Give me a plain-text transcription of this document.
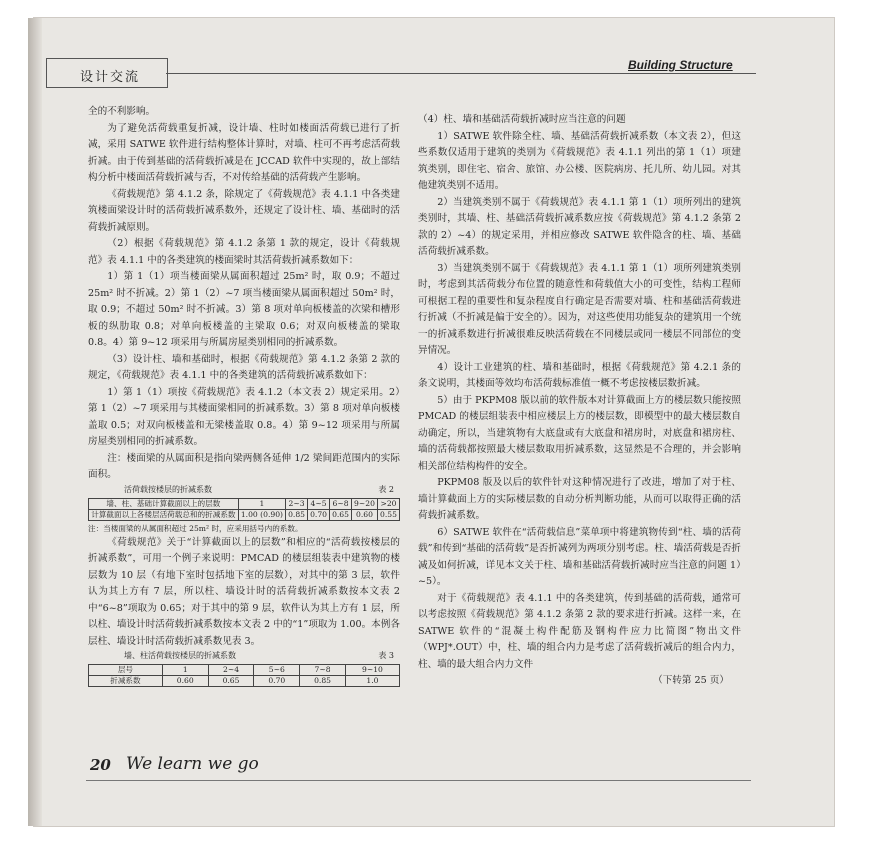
设计交流
Building Structure

全的不利影响。

为了避免活荷载重复折减，设计墙、柱时如楼面活荷载已进行了折减，采用 SATWE 软件进行结构整体计算时，对墙、柱可不再考虑活荷载折减。由于传到基础的活荷载折减是在 JCCAD 软件中实现的，故上部结构分析中楼面活荷载折减与否，不对传给基础的活荷载产生影响。

《荷载规范》第 4.1.2 条，除规定了《荷载规范》表 4.1.1 中各类建筑楼面梁设计时的活荷载折减系数外，还规定了设计柱、墙、基础时的活荷载折减原则。

（2）根据《荷载规范》第 4.1.2 条第 1 款的规定，设计《荷载规范》表 4.1.1 中的各类建筑的楼面梁时其活荷载折减系数如下：

1）第 1（1）项当楼面梁从属面积超过 25m² 时，取 0.9；不超过 25m² 时不折减。2）第 1（2）~7 项当楼面梁从属面积超过 50m² 时，取 0.9；不超过 50m² 时不折减。3）第 8 项对单向板楼盖的次梁和槽形板的纵肋取 0.8；对单向板楼盖的主梁取 0.6；对双向板楼盖的梁取 0.8。4）第 9~12 项采用与所属房屋类别相同的折减系数。

（3）设计柱、墙和基础时，根据《荷载规范》第 4.1.2 条第 2 款的规定，《荷载规范》表 4.1.1 中的各类建筑的活荷载折减系数如下：

1）第 1（1）项按《荷载规范》表 4.1.2（本文表 2）规定采用。2）第 1（2）~7 项采用与其楼面梁相同的折减系数。3）第 8 项对单向板楼盖取 0.5；对双向板楼盖和无梁楼盖取 0.8。4）第 9~12 项采用与所属房屋类别相同的折减系数。

注：楼面梁的从属面积是指向梁两侧各延伸 1/2 梁间距范围内的实际面积。

活荷载按楼层的折减系数	表 2
墙、柱、基础计算截面以上的层数	1	2~3	4~5	6~8	9~20	>20
计算截面以上各楼层活荷载总和的折减系数	1.00 (0.90)	0.85	0.70	0.65	0.60	0.55
注：当楼面梁的从属面积超过 25m² 时，应采用括号内的系数。

《荷载规范》关于“计算截面以上的层数”和相应的“活荷载按楼层的折减系数”，可用一个例子来说明：PMCAD 的楼层组装表中建筑物的楼层数为 10 层（有地下室时包括地下室的层数），对其中的第 3 层，软件认为其上方有 7 层，所以柱、墙设计时的活荷载折减系数按本文表 2 中“6~8”项取为 0.65；对于其中的第 9 层，软件认为其上方有 1 层，所以柱、墙设计时活荷载折减系数按本文表 2 中的“1”项取为 1.00。本例各层柱、墙设计时活荷载折减系数见表 3。

墙、柱活荷载按楼层的折减系数	表 3
层号	1	2~4	5~6	7~8	9~10
折减系数	0.60	0.65	0.70	0.85	1.0

（4）柱、墙和基础活荷载折减时应当注意的问题

1）SATWE 软件除全柱、墙、基础活荷载折减系数（本文表 2），但这些系数仅适用于建筑的类别为《荷载规范》表 4.1.1 列出的第 1（1）项建筑类别，即住宅、宿舍、旅馆、办公楼、医院病房、托儿所、幼儿园。对其他建筑类别不适用。

2）当建筑类别不属于《荷载规范》表 4.1.1 第 1（1）项所列出的建筑类别时，其墙、柱、基础活荷载折减系数应按《荷载规范》第 4.1.2 条第 2 款的 2）~4）的规定采用，并相应修改 SATWE 软件隐含的柱、墙、基础活荷载折减系数。

3）当建筑类别不属于《荷载规范》表 4.1.1 第 1（1）项所列建筑类别时，考虑到其活荷载分布位置的随意性和荷载值大小的可变性，结构工程师可根据工程的重要性和复杂程度自行确定是否需要对墙、柱和基础活荷载进行折减（不折减是偏于安全的）。因为，对这些使用功能复杂的建筑用一个统一的折减系数进行折减很难反映活荷载在不同楼层或同一楼层不同部位的变异情况。

4）设计工业建筑的柱、墙和基础时，根据《荷载规范》第 4.2.1 条的条文说明，其楼面等效均布活荷载标准值一概不考虑按楼层数折减。

5）由于 PKPM08 版以前的软件版本对计算截面上方的楼层数只能按照 PMCAD 的楼层组装表中相应楼层上方的楼层数，即模型中的最大楼层数自动确定，所以，当建筑物有大底盘或有大底盘和裙房时，对底盘和裙房柱、墙的活荷载都按照最大楼层数取用折减系数，这显然是不合理的，并会影响相关部位结构构件的安全。

PKPM08 版及以后的软件针对这种情况进行了改进，增加了对于柱、墙计算截面上方的实际楼层数的自动分析判断功能，从而可以取得正确的活荷载折减系数。

6）SATWE 软件在“活荷载信息”菜单项中将建筑物传到“柱、墙的活荷载”和传到“基础的活荷载”是否折减列为两项分别考虑。柱、墙活荷载是否折减及如何折减，详见本文关于柱、墙和基础活荷载折减时应当注意的问题 1）~5）。

对于《荷载规范》表 4.1.1 中的各类建筑，传到基础的活荷载，通常可以考虑按照《荷载规范》第 4.1.2 条第 2 款的要求进行折减。这样一来，在 SATWE 软件的“混凝土构件配筋及钢构件应力比简图”物出文件（WPJ*.OUT）中，柱、墙的组合内力是考虑了活荷载折减后的组合内力，柱、墙的最大组合内力文件

（下转第 25 页）

20 We learn we go
